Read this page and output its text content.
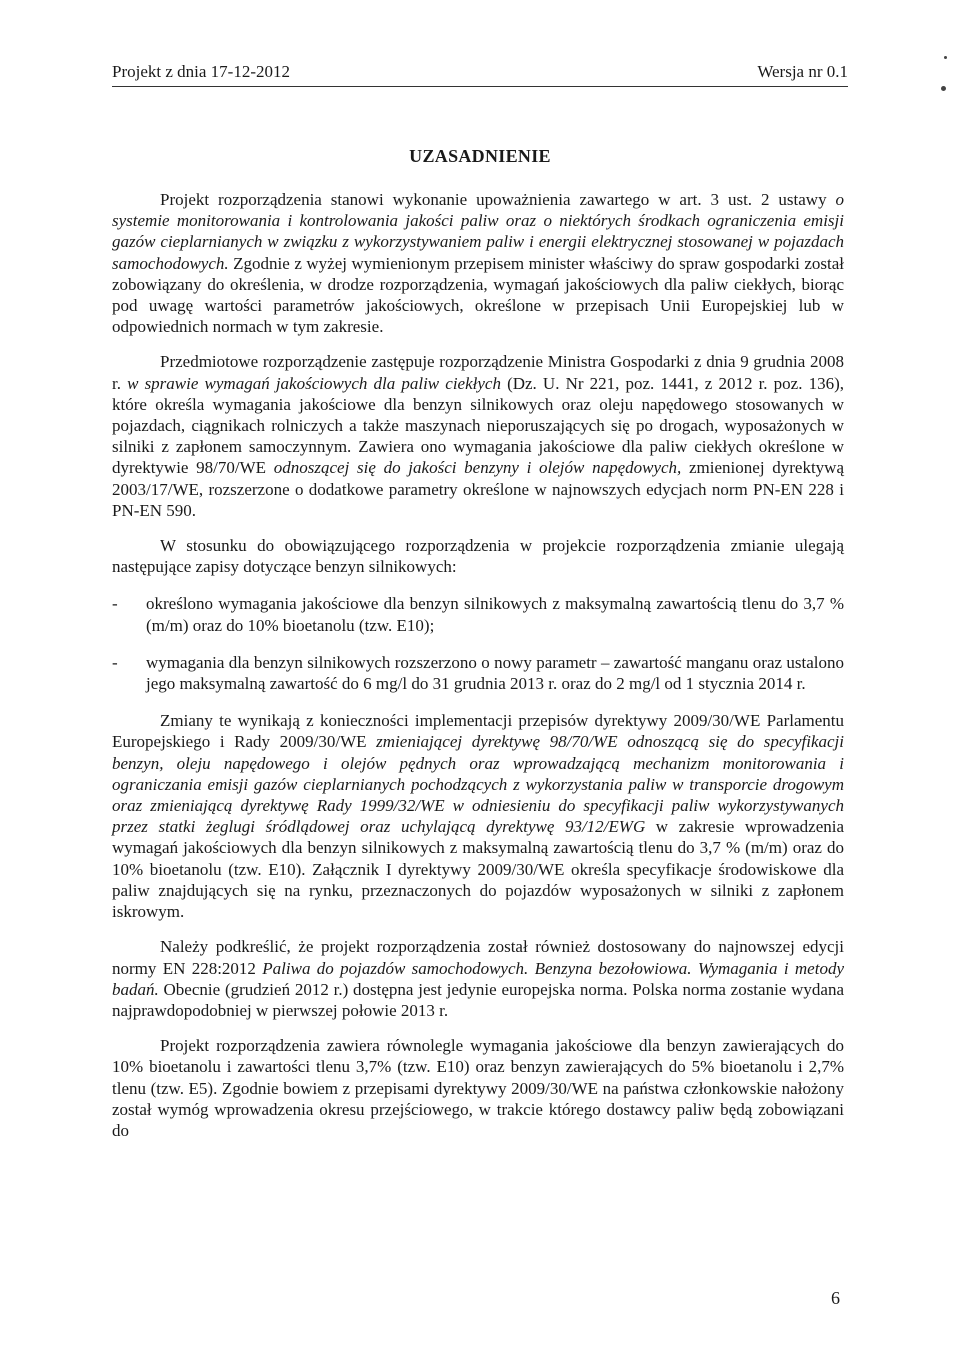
Projekt z dnia 17-12-2012	Wersja nr 0.1
UZASADNIENIE

Projekt rozporządzenia stanowi wykonanie upoważnienia zawartego w art. 3 ust. 2 ustawy o systemie monitorowania i kontrolowania jakości paliw oraz o niektórych środkach ograniczenia emisji gazów cieplarnianych w związku z wykorzystywaniem paliw i energii elektrycznej stosowanej w pojazdach samochodowych. Zgodnie z wyżej wymienionym przepisem minister właściwy do spraw gospodarki został zobowiązany do określenia, w drodze rozporządzenia, wymagań jakościowych dla paliw ciekłych, biorąc pod uwagę wartości parametrów jakościowych, określone w przepisach Unii Europejskiej lub w odpowiednich normach w tym zakresie.

Przedmiotowe rozporządzenie zastępuje rozporządzenie Ministra Gospodarki z dnia 9 grudnia 2008 r. w sprawie wymagań jakościowych dla paliw ciekłych (Dz. U. Nr 221, poz. 1441, z 2012 r. poz. 136), które określa wymagania jakościowe dla benzyn silnikowych oraz oleju napędowego stosowanych w pojazdach, ciągnikach rolniczych a także maszynach nieporuszających się po drogach, wyposażonych w silniki z zapłonem samoczynnym. Zawiera ono wymagania jakościowe dla paliw ciekłych określone w dyrektywie 98/70/WE odnoszącej się do jakości benzyny i olejów napędowych, zmienionej dyrektywą 2003/17/WE, rozszerzone o dodatkowe parametry określone w najnowszych edycjach norm PN-EN 228 i PN-EN 590.

W stosunku do obowiązującego rozporządzenia w projekcie rozporządzenia zmianie ulegają następujące zapisy dotyczące benzyn silnikowych:

- określono wymagania jakościowe dla benzyn silnikowych z maksymalną zawartością tlenu do 3,7 % (m/m) oraz do 10% bioetanolu (tzw. E10);
- wymagania dla benzyn silnikowych rozszerzono o nowy parametr – zawartość manganu oraz ustalono jego maksymalną zawartość do 6 mg/l do 31 grudnia 2013 r. oraz do 2 mg/l od 1 stycznia 2014 r.

Zmiany te wynikają z konieczności implementacji przepisów dyrektywy 2009/30/WE Parlamentu Europejskiego i Rady 2009/30/WE zmieniającej dyrektywę 98/70/WE odnoszącą się do specyfikacji benzyn, oleju napędowego i olejów pędnych oraz wprowadzającą mechanizm monitorowania i ograniczania emisji gazów cieplarnianych pochodzących z wykorzystania paliw w transporcie drogowym oraz zmieniającą dyrektywę Rady 1999/32/WE w odniesieniu do specyfikacji paliw wykorzystywanych przez statki żeglugi śródlądowej oraz uchylającą dyrektywę 93/12/EWG w zakresie wprowadzenia wymagań jakościowych dla benzyn silnikowych z maksymalną zawartością tlenu do 3,7 % (m/m) oraz do 10% bioetanolu (tzw. E10). Załącznik I dyrektywy 2009/30/WE określa specyfikacje środowiskowe dla paliw znajdujących się na rynku, przeznaczonych do pojazdów wyposażonych w silniki z zapłonem iskrowym.

Należy podkreślić, że projekt rozporządzenia został również dostosowany do najnowszej edycji normy EN 228:2012 Paliwa do pojazdów samochodowych. Benzyna bezołowiowa. Wymagania i metody badań. Obecnie (grudzień 2012 r.) dostępna jest jedynie europejska norma. Polska norma zostanie wydana najprawdopodobniej w pierwszej połowie 2013 r.

Projekt rozporządzenia zawiera równolegle wymagania jakościowe dla benzyn zawierających do 10% bioetanolu i zawartości tlenu 3,7% (tzw. E10) oraz benzyn zawierających do 5% bioetanolu i 2,7% tlenu (tzw. E5). Zgodnie bowiem z przepisami dyrektywy 2009/30/WE na państwa członkowskie nałożony został wymóg wprowadzenia okresu przejściowego, w trakcie którego dostawcy paliw będą zobowiązani do

6
